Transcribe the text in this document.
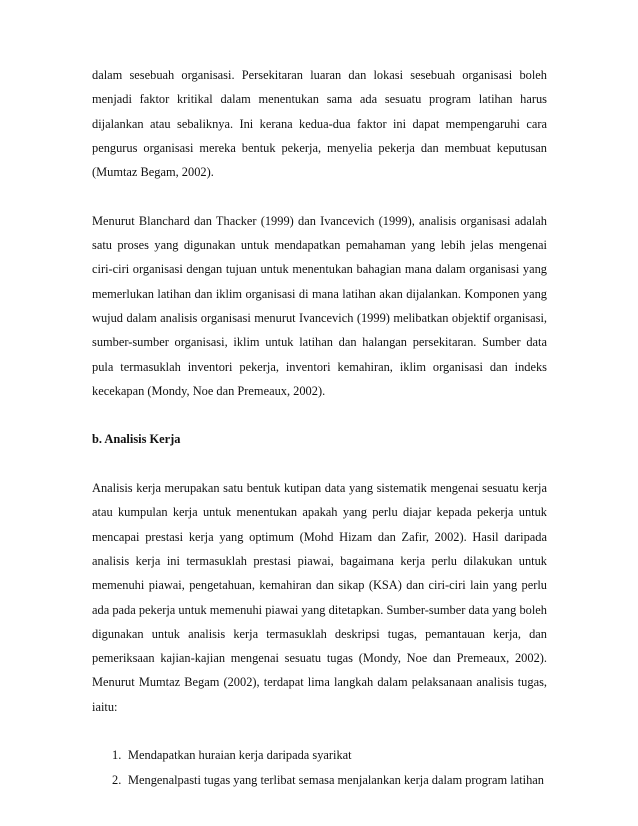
dalam sesebuah organisasi. Persekitaran luaran dan lokasi sesebuah organisasi boleh menjadi faktor kritikal dalam menentukan sama ada sesuatu program latihan harus dijalankan atau sebaliknya. Ini kerana kedua-dua faktor ini dapat mempengaruhi cara pengurus organisasi mereka bentuk pekerja, menyelia pekerja dan membuat keputusan (Mumtaz Begam, 2002).

Menurut Blanchard dan Thacker (1999) dan Ivancevich (1999), analisis organisasi adalah satu proses yang digunakan untuk mendapatkan pemahaman yang lebih jelas mengenai ciri-ciri organisasi dengan tujuan untuk menentukan bahagian mana dalam organisasi yang memerlukan latihan dan iklim organisasi di mana latihan akan dijalankan. Komponen yang wujud dalam analisis organisasi menurut Ivancevich (1999) melibatkan objektif organisasi, sumber-sumber organisasi, iklim untuk latihan dan halangan persekitaran. Sumber data pula termasuklah inventori pekerja, inventori kemahiran, iklim organisasi dan indeks kecekapan (Mondy, Noe dan Premeaux, 2002).

b. Analisis Kerja

Analisis kerja merupakan satu bentuk kutipan data yang sistematik mengenai sesuatu kerja atau kumpulan kerja untuk menentukan apakah yang perlu diajar kepada pekerja untuk mencapai prestasi kerja yang optimum (Mohd Hizam dan Zafir, 2002). Hasil daripada analisis kerja ini termasuklah prestasi piawai, bagaimana kerja perlu dilakukan untuk memenuhi piawai, pengetahuan, kemahiran dan sikap (KSA) dan ciri-ciri lain yang perlu ada pada pekerja untuk memenuhi piawai yang ditetapkan. Sumber-sumber data yang boleh digunakan untuk analisis kerja termasuklah deskripsi tugas, pemantauan kerja, dan pemeriksaan kajian-kajian mengenai sesuatu tugas (Mondy, Noe dan Premeaux, 2002). Menurut Mumtaz Begam (2002), terdapat lima langkah dalam pelaksanaan analisis tugas, iaitu:

1. Mendapatkan huraian kerja daripada syarikat
2. Mengenalpasti tugas yang terlibat semasa menjalankan kerja dalam program latihan
